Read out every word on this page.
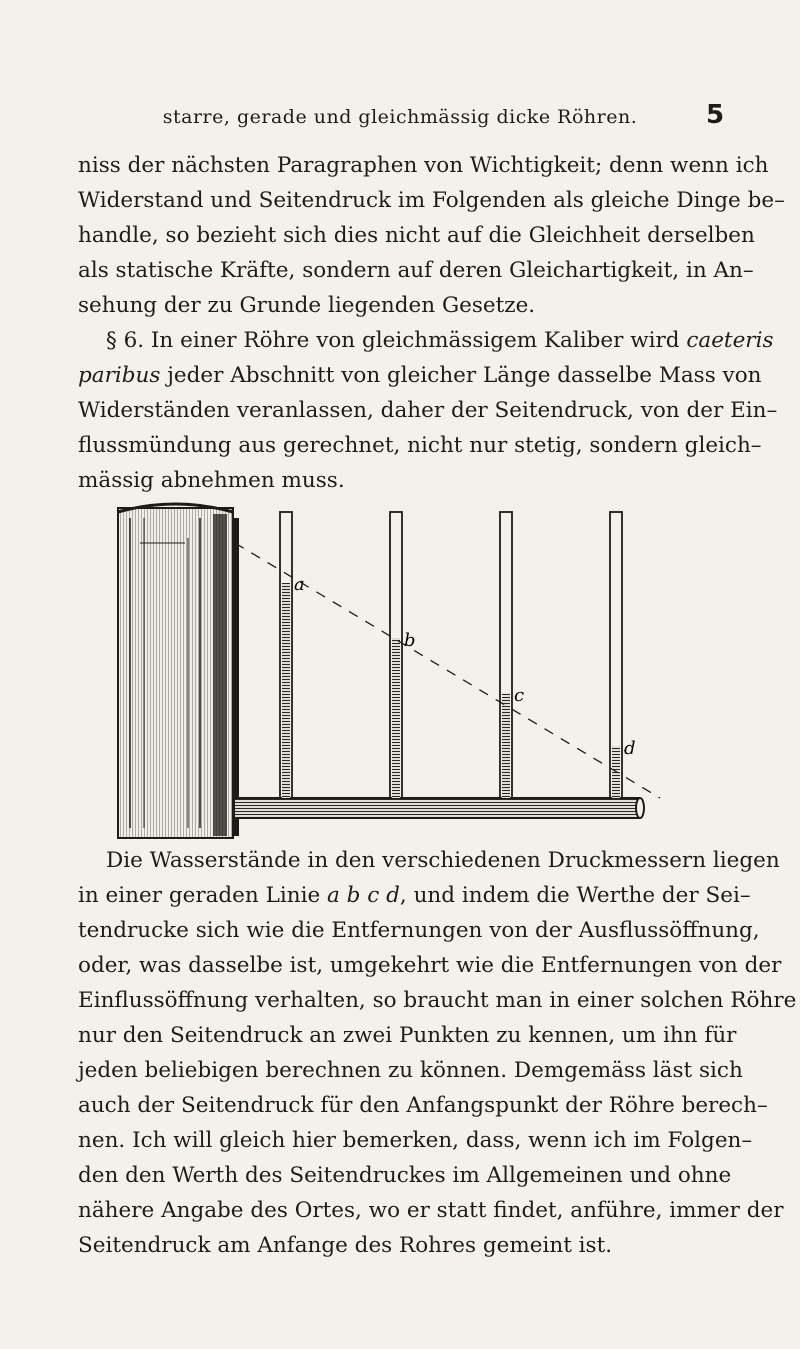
starre, gerade und gleichmässig dicke Röhren.	5

niss der nächsten Paragraphen von Wichtigkeit; denn wenn ich
Widerstand und Seitendruck im Folgenden als gleiche Dinge be–
handle, so bezieht sich dies nicht auf die Gleichheit derselben
als statische Kräfte, sondern auf deren Gleichartigkeit, in An–
sehung der zu Grunde liegenden Gesetze.

§ 6. In einer Röhre von gleichmässigem Kaliber wird caeteris
paribus jeder Abschnitt von gleicher Länge dasselbe Mass von
Widerständen veranlassen, daher der Seitendruck, von der Ein–
flussmündung aus gerechnet, nicht nur stetig, sondern gleich–
mässig abnehmen muss.

a
b
c
d

Die Wasserstände in den verschiedenen Druckmessern liegen
in einer geraden Linie a b c d, und indem die Werthe der Sei–
tendrucke sich wie die Entfernungen von der Ausflussöffnung,
oder, was dasselbe ist, umgekehrt wie die Entfernungen von der
Einflussöffnung verhalten, so braucht man in einer solchen Röhre
nur den Seitendruck an zwei Punkten zu kennen, um ihn für
jeden beliebigen berechnen zu können. Demgemäss läst sich
auch der Seitendruck für den Anfangspunkt der Röhre berech–
nen. Ich will gleich hier bemerken, dass, wenn ich im Folgen–
den den Werth des Seitendruckes im Allgemeinen und ohne
nähere Angabe des Ortes, wo er statt findet, anführe, immer der
Seitendruck am Anfange des Rohres gemeint ist.
